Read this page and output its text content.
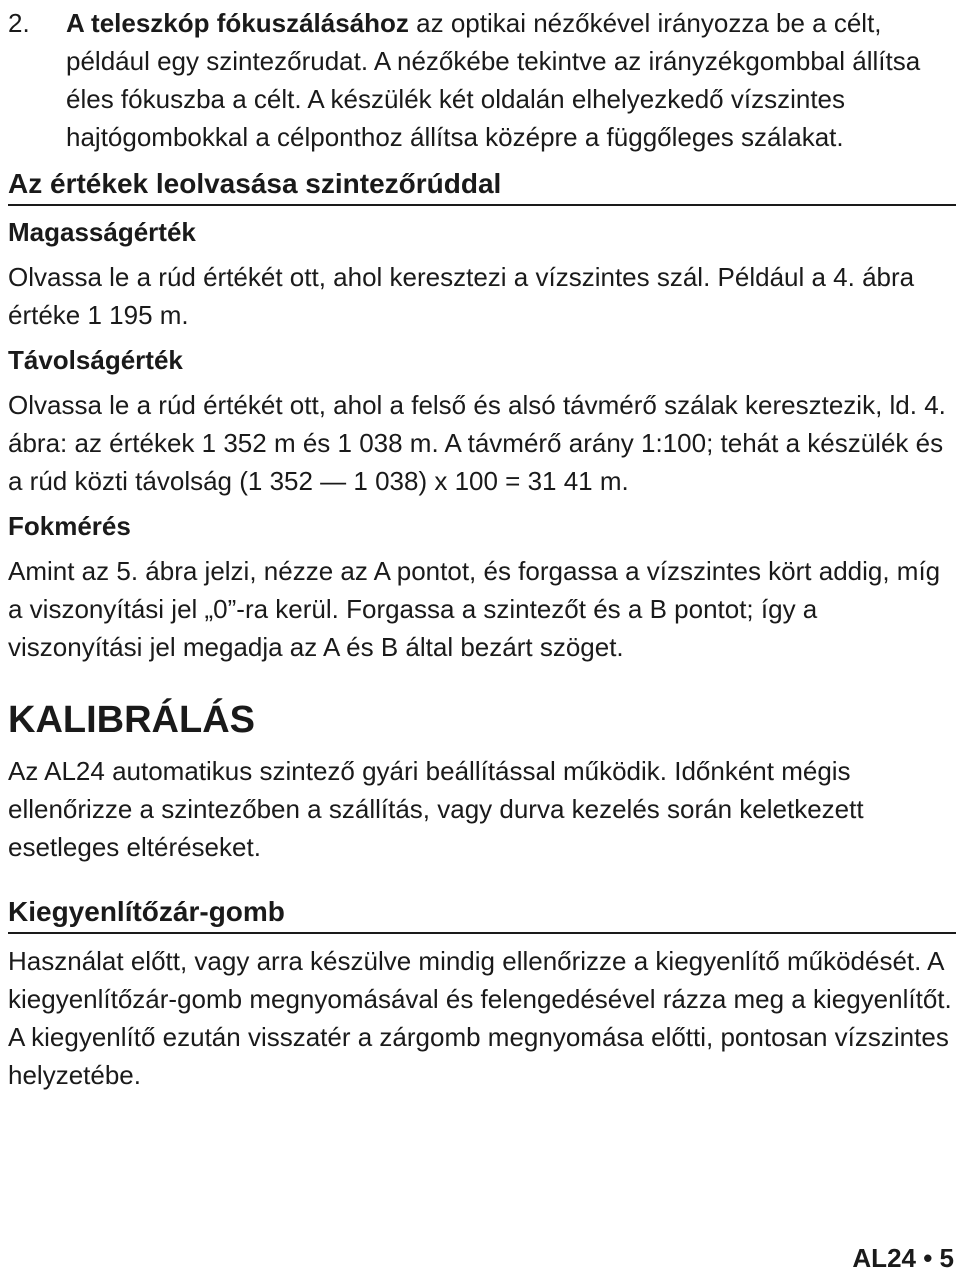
2. A teleszkóp fókuszálásához az optikai nézőkével irányozza be a célt, például egy szintezőrudat. A nézőkébe tekintve az irányzékgombbal állítsa éles fókuszba a célt. A készülék két oldalán elhelyezkedő vízszintes hajtógombokkal a célponthoz állítsa középre a függőleges szálakat.
Az értékek leolvasása szintezőrúddal
Magasságérték
Olvassa le a rúd értékét ott, ahol keresztezi a vízszintes szál. Például a 4. ábra értéke 1 195 m.
Távolságérték
Olvassa le a rúd értékét ott, ahol a felső és alsó távmérő szálak keresztezik, ld. 4. ábra: az értékek 1 352 m és 1 038 m. A távmérő arány 1:100; tehát a készülék és a rúd közti távolság (1 352 — 1 038) x 100 = 31 41 m.
Fokmérés
Amint az 5. ábra jelzi, nézze az A pontot, és forgassa a vízszintes kört addig, míg a viszonyítási jel „0”-ra kerül. Forgassa a szintezőt és a B pontot; így a viszonyítási jel megadja az A és B által bezárt szöget.
KALIBRÁLÁS
Az AL24 automatikus szintező gyári beállítással működik. Időnként mégis ellenőrizze a szintezőben a szállítás, vagy durva kezelés során keletkezett esetleges eltéréseket.
Kiegyenlítőzár-gomb
Használat előtt, vagy arra készülve mindig ellenőrizze a kiegyenlítő működését. A kiegyenlítőzár-gomb megnyomásával és felengedésével rázza meg a kiegyenlítőt. A kiegyenlítő ezután visszatér a zárgomb megnyomása előtti, pontosan vízszintes helyzetébe.
AL24 • 5
